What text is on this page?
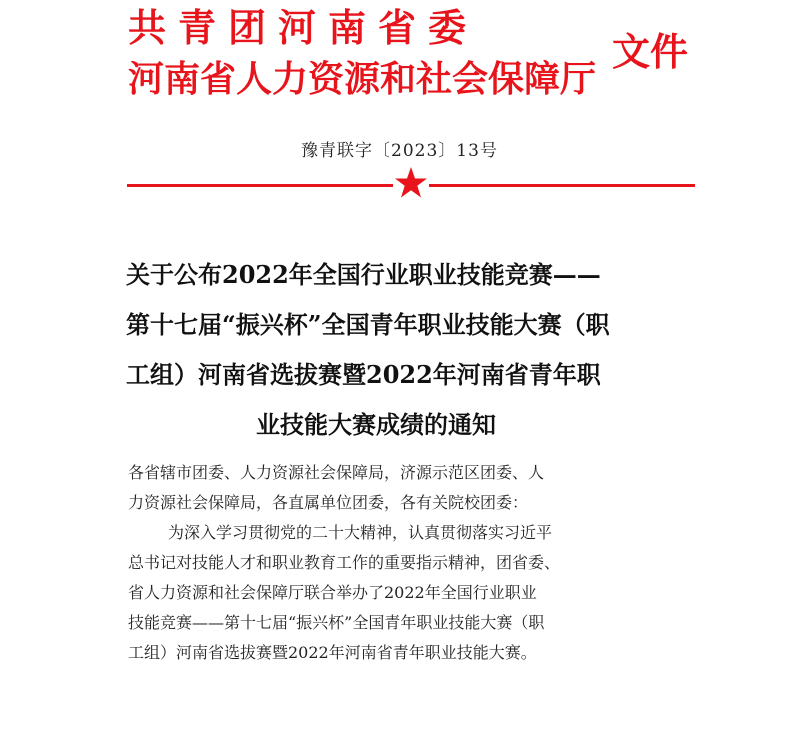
共青团河南省委
河南省人力资源和社会保障厅
文件
豫青联字〔2023〕13号
关于公布2022年全国行业职业技能竞赛——
第十七届“振兴杯”全国青年职业技能大赛（职
工组）河南省选拔赛暨2022年河南省青年职
业技能大赛成绩的通知
各省辖市团委、人力资源社会保障局，济源示范区团委、人
力资源社会保障局，各直属单位团委，各有关院校团委：
为深入学习贯彻党的二十大精神，认真贯彻落实习近平
总书记对技能人才和职业教育工作的重要指示精神，团省委、
省人力资源和社会保障厅联合举办了2022年全国行业职业
技能竞赛——第十七届“振兴杯”全国青年职业技能大赛（职
工组）河南省选拔赛暨2022年河南省青年职业技能大赛。
